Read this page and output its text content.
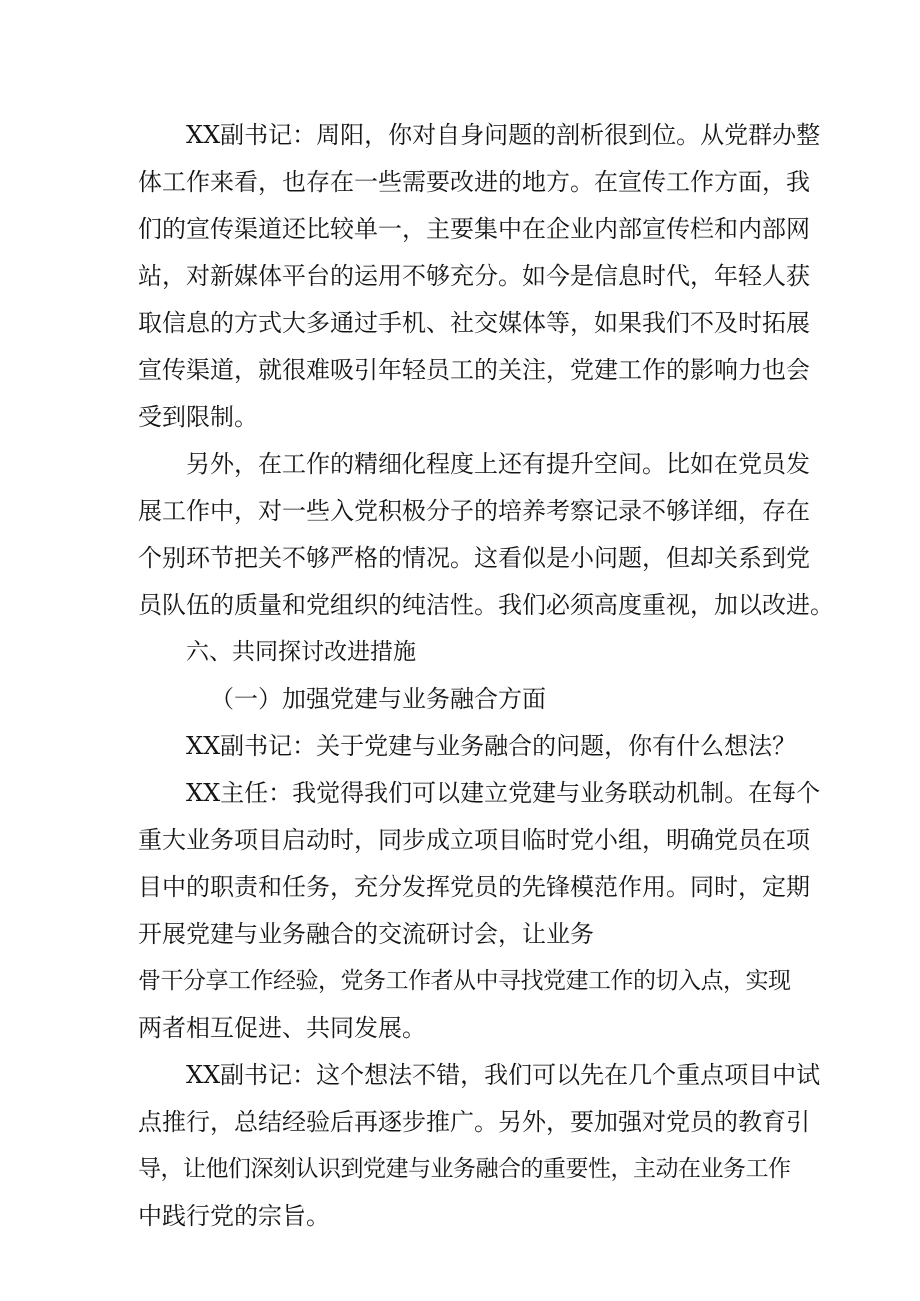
XX副书记：周阳，你对自身问题的剖析很到位。从党群办整

体工作来看，也存在一些需要改进的地方。在宣传工作方面，我

们的宣传渠道还比较单一，主要集中在企业内部宣传栏和内部网

站，对新媒体平台的运用不够充分。如今是信息时代，年轻人获

取信息的方式大多通过手机、社交媒体等，如果我们不及时拓展

宣传渠道，就很难吸引年轻员工的关注，党建工作的影响力也会

受到限制。

另外，在工作的精细化程度上还有提升空间。比如在党员发

展工作中，对一些入党积极分子的培养考察记录不够详细，存在

个别环节把关不够严格的情况。这看似是小问题，但却关系到党

员队伍的质量和党组织的纯洁性。我们必须高度重视，加以改进。

六、共同探讨改进措施

（一）加强党建与业务融合方面

XX副书记：关于党建与业务融合的问题，你有什么想法？

XX主任：我觉得我们可以建立党建与业务联动机制。在每个

重大业务项目启动时，同步成立项目临时党小组，明确党员在项

目中的职责和任务，充分发挥党员的先锋模范作用。同时，定期

开展党建与业务融合的交流研讨会，让业务

骨干分享工作经验，党务工作者从中寻找党建工作的切入点，实现

两者相互促进、共同发展。

XX副书记：这个想法不错，我们可以先在几个重点项目中试

点推行，总结经验后再逐步推广。另外，要加强对党员的教育引

导，让他们深刻认识到党建与业务融合的重要性，主动在业务工作

中践行党的宗旨。
